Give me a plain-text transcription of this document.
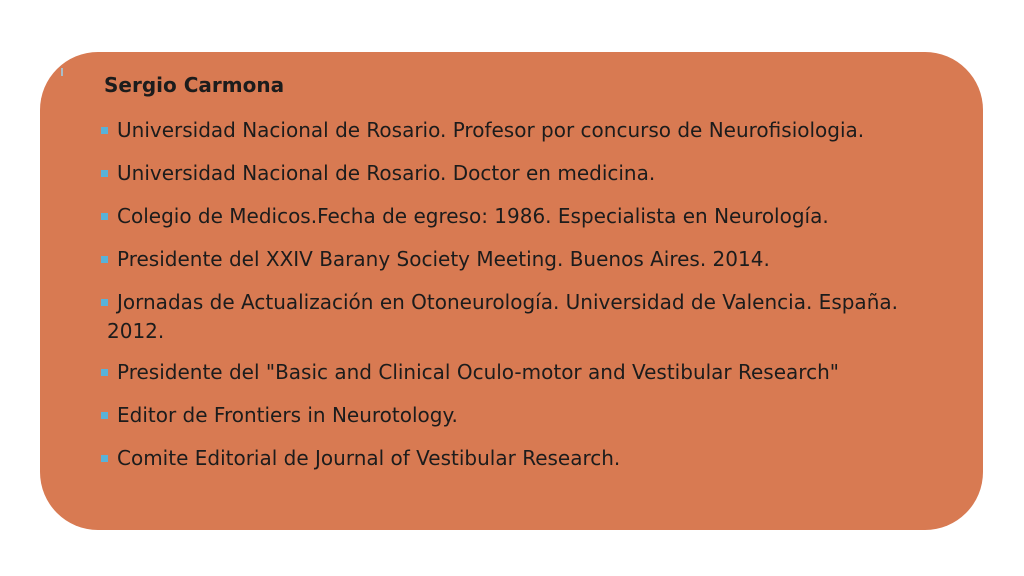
Sergio Carmona
Universidad Nacional de Rosario. Profesor por concurso de Neurofisiologia.
Universidad Nacional de Rosario. Doctor en medicina.
Colegio de Medicos.Fecha de egreso: 1986. Especialista en Neurología.
Presidente del XXIV Barany Society Meeting. Buenos Aires. 2014.
Jornadas de Actualización en Otoneurología. Universidad de Valencia. España.
2012.
Presidente del "Basic and Clinical Oculo-motor and Vestibular Research"
Editor de Frontiers in Neurotology.
Comite Editorial de Journal of Vestibular Research.
